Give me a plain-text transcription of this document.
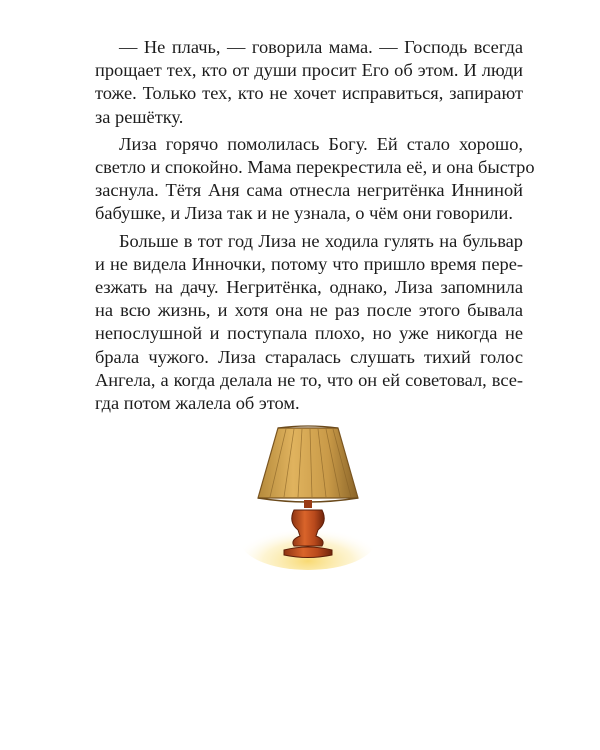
— Не плачь, — говорила мама. — Господь всегда
прощает тех, кто от души просит Его об этом. И люди
тоже. Только тех, кто не хочет исправиться, запирают
за решётку.

Лиза горячо помолилась Богу. Ей стало хорошо,
светло и спокойно. Мама перекрестила её, и она быстро
заснула. Тётя Аня сама отнесла негритёнка Инниной
бабушке, и Лиза так и не узнала, о чём они говорили.

Больше в тот год Лиза не ходила гулять на бульвар
и не видела Инночки, потому что пришло время пере-
езжать на дачу. Негритёнка, однако, Лиза запомнила
на всю жизнь, и хотя она не раз после этого бывала
непослушной и поступала плохо, но уже никогда не
брала чужого. Лиза старалась слушать тихий голос
Ангела, а когда делала не то, что он ей советовал, все-
гда потом жалела об этом.
